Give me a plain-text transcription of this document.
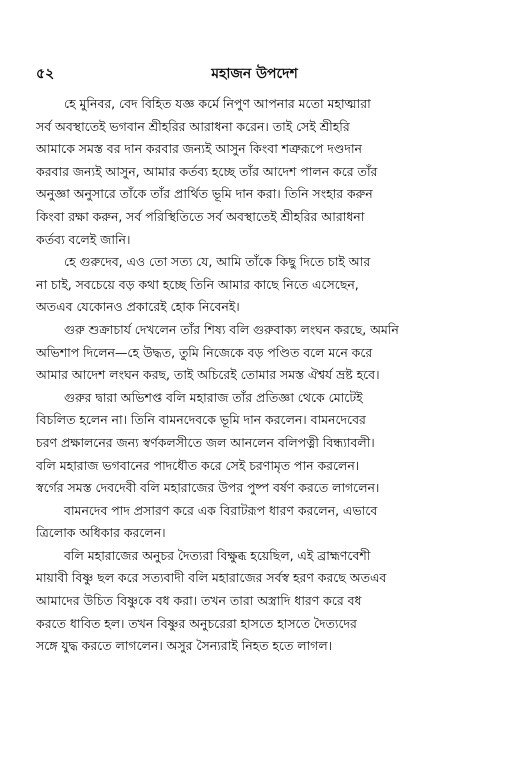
৫২	মহাজন উপদেশ
হে মুনিবর, বেদ বিহিত যজ্ঞ কর্মে নিপুণ আপনার মতো মহাত্মারা
সর্ব অবস্থাতেই ভগবান শ্রীহরির আরাধনা করেন। তাই সেই শ্রীহরি
আমাকে সমস্ত বর দান করবার জন্যই আসুন কিংবা শত্রুরূপে দণ্ডদান
করবার জন্যই আসুন, আমার কর্তব্য হচ্ছে তাঁর আদেশ পালন করে তাঁর
অনুজ্ঞা অনুসারে তাঁকে তাঁর প্রার্থিত ভূমি দান করা। তিনি সংহার করুন
কিংবা রক্ষা করুন, সর্ব পরিস্থিতিতে সর্ব অবস্থাতেই শ্রীহরির আরাধনা
কর্তব্য বলেই জানি।
হে গুরুদেব, এও তো সত্য যে, আমি তাঁকে কিছু দিতে চাই আর
না চাই, সবচেয়ে বড় কথা হচ্ছে তিনি আমার কাছে নিতে এসেছেন,
অতএব যেকোনও প্রকারেই হোক নিবেনই।
গুরু শুক্রাচার্য দেখলেন তাঁর শিষ্য বলি গুরুবাক্য লংঘন করছে, অমনি
অভিশাপ দিলেন—হে উদ্ধত, তুমি নিজেকে বড় পণ্ডিত বলে মনে করে
আমার আদেশ লংঘন করছ, তাই অচিরেই তোমার সমস্ত ঐশ্বর্য ভ্রষ্ট হবে।
গুরুর দ্বারা অভিশপ্ত বলি মহারাজ তাঁর প্রতিজ্ঞা থেকে মোটেই
বিচলিত হলেন না। তিনি বামনদেবকে ভূমি দান করলেন। বামনদেবের
চরণ প্রক্ষালনের জন্য স্বর্ণকলসীতে জল আনলেন বলিপত্নী বিন্ধ্যাবলী।
বলি মহারাজ ভগবানের পাদধৌত করে সেই চরণামৃত পান করলেন।
স্বর্গের সমস্ত দেবদেবী বলি মহারাজের উপর পুষ্প বর্ষণ করতে লাগলেন।
বামনদেব পাদ প্রসারণ করে এক বিরাটরূপ ধারণ করলেন, এভাবে
ত্রিলোক অধিকার করলেন।
বলি মহারাজের অনুচর দৈত্যরা বিক্ষুব্ধ হয়েছিল, এই ব্রাহ্মণবেশী
মায়াবী বিষ্ণু ছল করে সত্যবাদী বলি মহারাজের সর্বস্ব হরণ করছে অতএব
আমাদের উচিত বিষ্ণুকে বধ করা। তখন তারা অস্ত্রাদি ধারণ করে বধ
করতে ধাবিত হল। তখন বিষ্ণুর অনুচরেরা হাসতে হাসতে দৈত্যদের
সঙ্গে যুদ্ধ করতে লাগলেন। অসুর সৈন্যরাই নিহত হতে লাগল।
